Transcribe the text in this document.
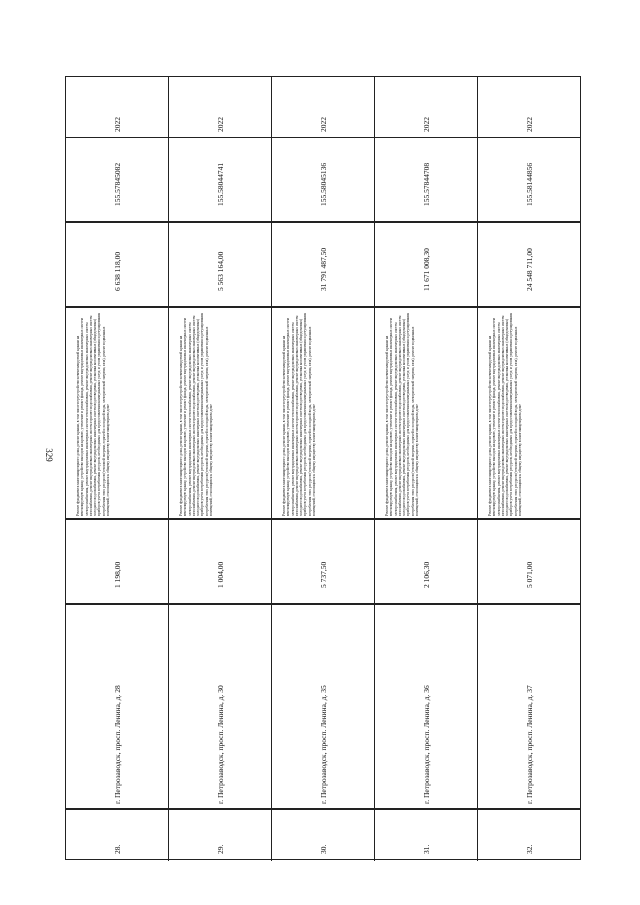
329
28.
г. Петрозаводск, просп. Ленина, д. 28
1 198,00
Ремонт фундамента многоквартирного дома, ремонт крыши, в том числе переустройство невентилируемой крыши на вентилируемую крышу, устройство выходов на кровлю, утепление и ремонт фасада, ремонт внутридомовых инженерных систем электроснабжения, ремонт внутридомовых инженерных систем теплоснабжения, ремонт внутридомовых инженерных систем газоснабжения, ремонт внутридомовых инженерных систем горячего водоснабжения, ремонт внутридомовых инженерных систем холодного водоснабжения, ремонт внутридомовых инженерных систем водоотведения, установка коллективных (общедомовых) приборов учета потребления ресурсов, необходимых для предоставления коммунальных услуг, и узлов управления и регулирования потребления этих ресурсов (тепловой энергии, горячей и холодной воды, электрической энергии, газа), ремонт подвальных помещений, относящихся к общему имуществу в многоквартирном доме
6 638 118,00
155.57845082
2022
29.
г. Петрозаводск, просп. Ленина, д. 30
1 004,00
Ремонт фундамента многоквартирного дома, ремонт крыши, в том числе переустройство невентилируемой крыши на вентилируемую крышу, устройство выходов на кровлю, утепление и ремонт фасада, ремонт внутридомовых инженерных систем электроснабжения, ремонт внутридомовых инженерных систем теплоснабжения, ремонт внутридомовых инженерных систем газоснабжения, ремонт внутридомовых инженерных систем горячего водоснабжения, ремонт внутридомовых инженерных систем холодного водоснабжения, ремонт внутридомовых инженерных систем водоотведения, установка коллективных (общедомовых) приборов учета потребления ресурсов, необходимых для предоставления коммунальных услуг, и узлов управления и регулирования потребления этих ресурсов (тепловой энергии, горячей и холодной воды, электрической энергии, газа), ремонт подвальных помещений, относящихся к общему имуществу в многоквартирном доме
5 563 164,00
155.58044741
2022
30.
г. Петрозаводск, просп. Ленина, д. 35
5 737,50
Ремонт фундамента многоквартирного дома, ремонт крыши, в том числе переустройство невентилируемой крыши на вентилируемую крышу, устройство выходов на кровлю, утепление и ремонт фасада, ремонт внутридомовых инженерных систем электроснабжения, ремонт внутридомовых инженерных систем теплоснабжения, ремонт внутридомовых инженерных систем газоснабжения, ремонт внутридомовых инженерных систем горячего водоснабжения, ремонт внутридомовых инженерных систем холодного водоснабжения, ремонт внутридомовых инженерных систем водоотведения, установка коллективных (общедомовых) приборов учета потребления ресурсов, необходимых для предоставления коммунальных услуг, и узлов управления и регулирования потребления этих ресурсов (тепловой энергии, горячей и холодной воды, электрической энергии, газа), ремонт подвальных помещений, относящихся к общему имуществу в многоквартирном доме
31 791 487,50
155.58045136
2022
31.
г. Петрозаводск, просп. Ленина, д. 36
2 106,30
Ремонт фундамента многоквартирного дома, ремонт крыши, в том числе переустройство невентилируемой крыши на вентилируемую крышу, устройство выходов на кровлю, утепление и ремонт фасада, ремонт внутридомовых инженерных систем электроснабжения, ремонт внутридомовых инженерных систем теплоснабжения, ремонт внутридомовых инженерных систем газоснабжения, ремонт внутридомовых инженерных систем горячего водоснабжения, ремонт внутридомовых инженерных систем холодного водоснабжения, ремонт внутридомовых инженерных систем водоотведения, установка коллективных (общедомовых) приборов учета потребления ресурсов, необходимых для предоставления коммунальных услуг, и узлов управления и регулирования потребления этих ресурсов (тепловой энергии, горячей и холодной воды, электрической энергии, газа), ремонт подвальных помещений, относящихся к общему имуществу в многоквартирном доме
11 671 008,30
155.57844708
2022
32.
г. Петрозаводск, просп. Ленина, д. 37
5 071,00
Ремонт фундамента многоквартирного дома, ремонт крыши, в том числе переустройство невентилируемой крыши на вентилируемую крышу, устройство выходов на кровлю, утепление и ремонт фасада, ремонт внутридомовых инженерных систем электроснабжения, ремонт внутридомовых инженерных систем теплоснабжения, ремонт внутридомовых инженерных систем газоснабжения, ремонт внутридомовых инженерных систем горячего водоснабжения, ремонт внутридомовых инженерных систем холодного водоснабжения, ремонт внутридомовых инженерных систем водоотведения, установка коллективных (общедомовых) приборов учета потребления ресурсов, необходимых для предоставления коммунальных услуг, и узлов управления и регулирования потребления этих ресурсов (тепловой энергии, горячей и холодной воды, электрической энергии, газа), ремонт подвальных помещений, относящихся к общему имуществу в многоквартирном доме
24 548 711,00
155.58144856
2022
